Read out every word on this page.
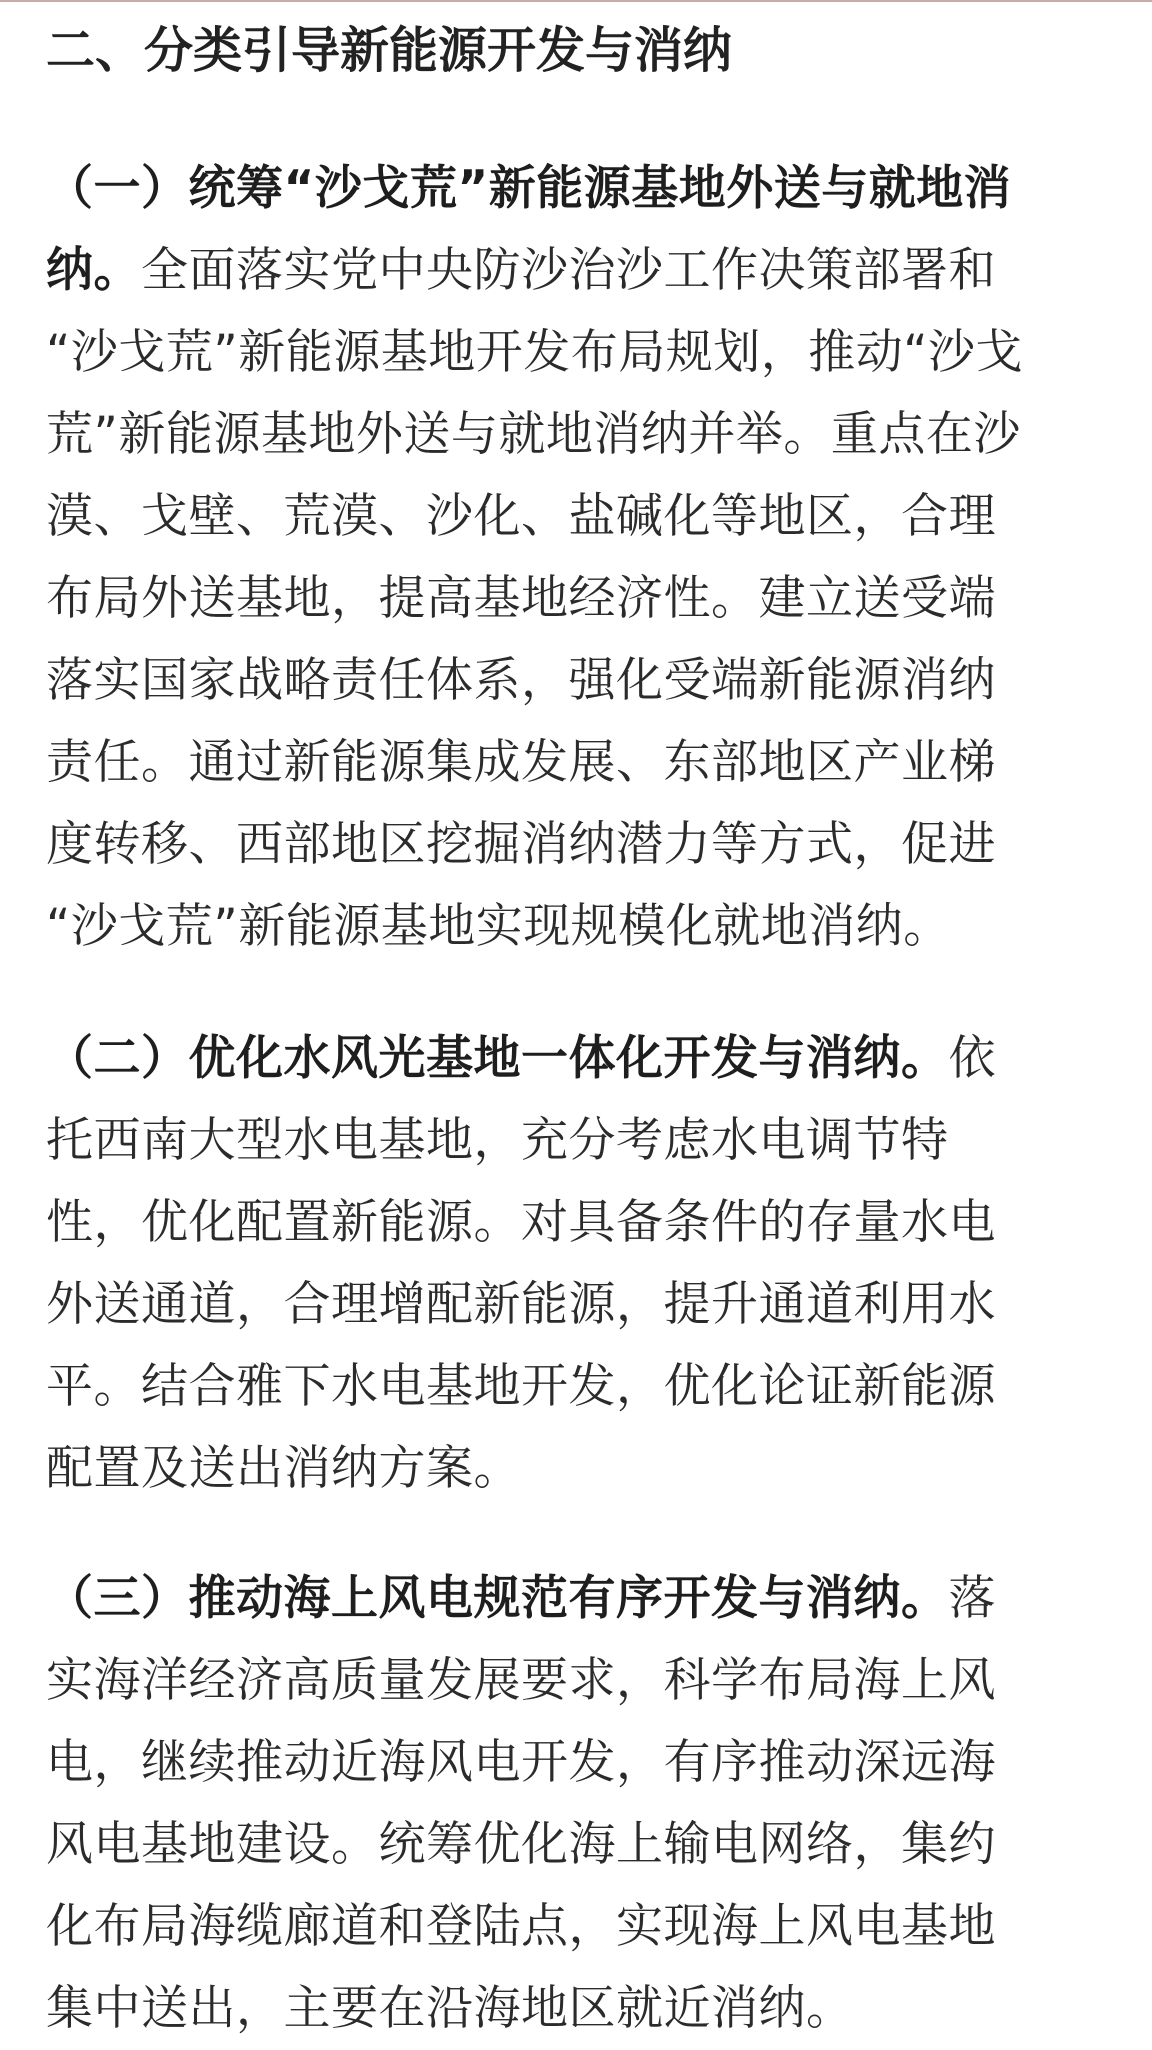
二、分类引导新能源开发与消纳
（一）统筹“沙戈荒”新能源基地外送与就地消
纳。全面落实党中央防沙治沙工作决策部署和
“沙戈荒”新能源基地开发布局规划，推动“沙戈
荒”新能源基地外送与就地消纳并举。重点在沙
漠、戈壁、荒漠、沙化、盐碱化等地区，合理
布局外送基地，提高基地经济性。建立送受端
落实国家战略责任体系，强化受端新能源消纳
责任。通过新能源集成发展、东部地区产业梯
度转移、西部地区挖掘消纳潜力等方式，促进
“沙戈荒”新能源基地实现规模化就地消纳。
（二）优化水风光基地一体化开发与消纳。依
托西南大型水电基地，充分考虑水电调节特
性，优化配置新能源。对具备条件的存量水电
外送通道，合理增配新能源，提升通道利用水
平。结合雅下水电基地开发，优化论证新能源
配置及送出消纳方案。
（三）推动海上风电规范有序开发与消纳。落
实海洋经济高质量发展要求，科学布局海上风
电，继续推动近海风电开发，有序推动深远海
风电基地建设。统筹优化海上输电网络，集约
化布局海缆廊道和登陆点，实现海上风电基地
集中送出，主要在沿海地区就近消纳。
